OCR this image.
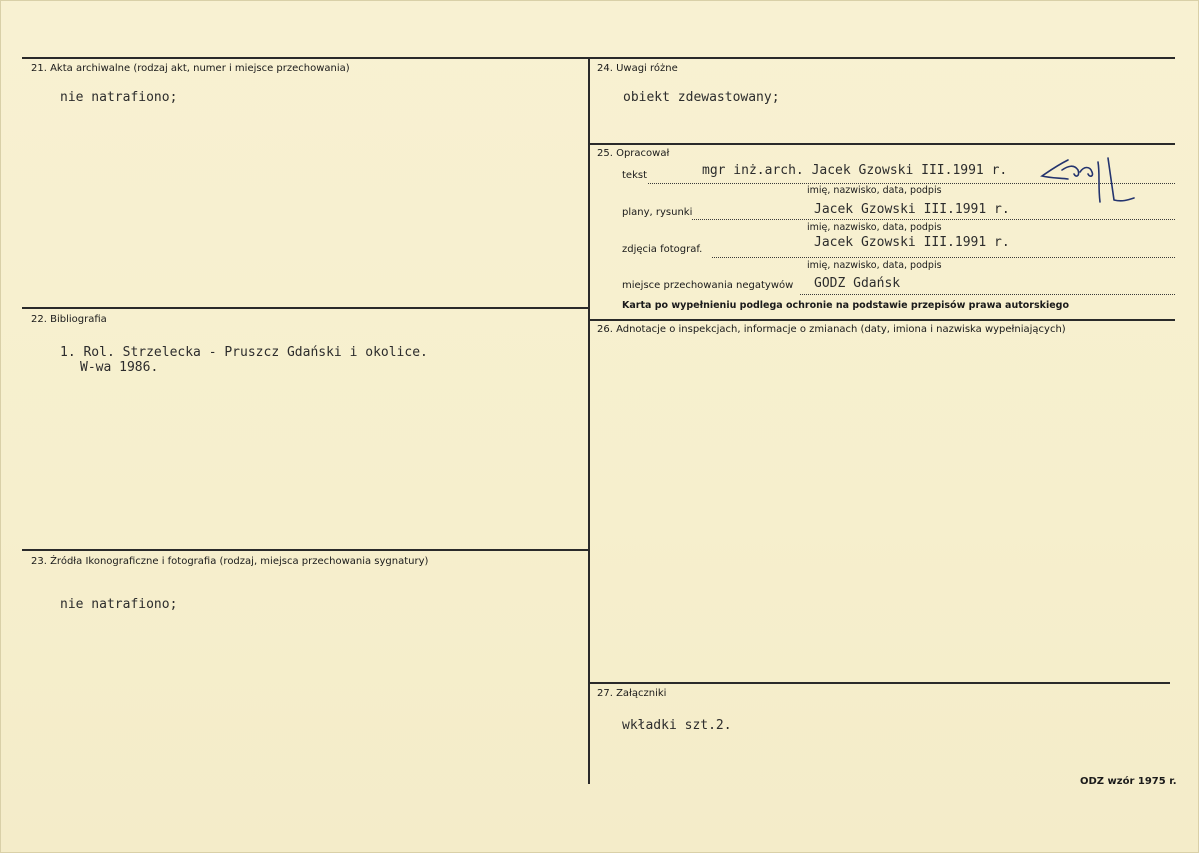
21. Akta archiwalne (rodzaj akt, numer i miejsce przechowania)
nie natrafiono;
22. Bibliografia
1. Rol. Strzelecka - Pruszcz Gdański i okolice.
W-wa 1986.
23. Źródła Ikonograficzne i fotografia (rodzaj, miejsca przechowania sygnatury)
nie natrafiono;
24. Uwagi różne
obiekt zdewastowany;
25. Opracował
tekst	mgr inż.arch. Jacek Gzowski III.1991 r.
imię, nazwisko, data, podpis
plany, rysunki	Jacek Gzowski III.1991 r.
imię, nazwisko, data, podpis
zdjęcia fotograf.	Jacek Gzowski III.1991 r.
imię, nazwisko, data, podpis
miejsce przechowania negatywów GODZ Gdańsk
Karta po wypełnieniu podlega ochronie na podstawie przepisów prawa autorskiego
26. Adnotacje o inspekcjach, informacje o zmianach (daty, imiona i nazwiska wypełniających)
27. Załączniki
wkładki szt.2.
ODZ wzór 1975 r.
